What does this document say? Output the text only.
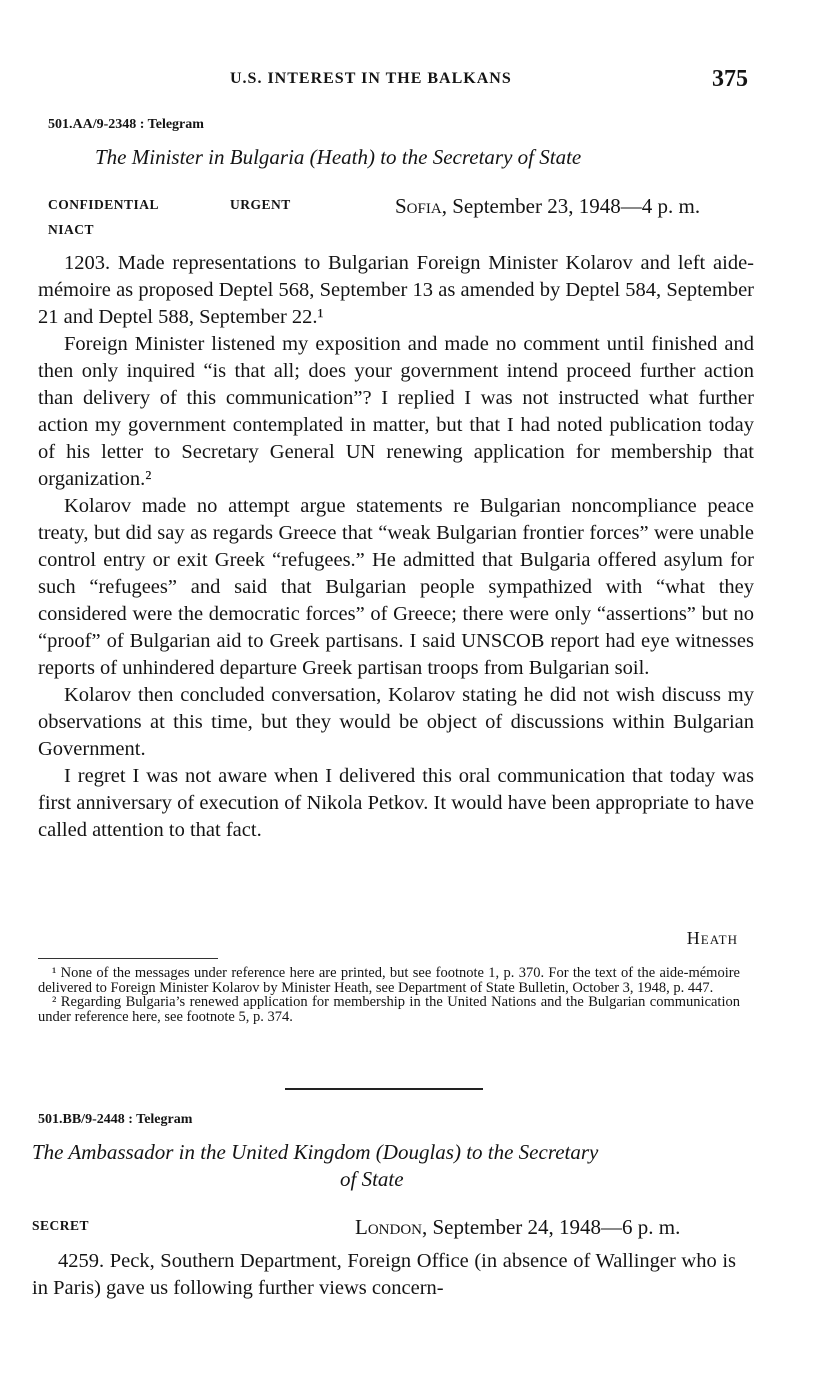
U.S. INTEREST IN THE BALKANS	375
501.AA/9-2348 : Telegram
The Minister in Bulgaria (Heath) to the Secretary of State
CONFIDENTIAL	URGENT
NIACT
Sofia, September 23, 1948—4 p. m.

1203. Made representations to Bulgarian Foreign Minister Kolarov and left aide-mémoire as proposed Deptel 568, September 13 as amended by Deptel 584, September 21 and Deptel 588, September 22.¹

Foreign Minister listened my exposition and made no comment until finished and then only inquired “is that all; does your government intend proceed further action than delivery of this communication”? I replied I was not instructed what further action my government contemplated in matter, but that I had noted publication today of his letter to Secretary General UN renewing application for membership that organization.²

Kolarov made no attempt argue statements re Bulgarian noncompliance peace treaty, but did say as regards Greece that “weak Bulgarian frontier forces” were unable control entry or exit Greek “refugees.” He admitted that Bulgaria offered asylum for such “refugees” and said that Bulgarian people sympathized with “what they considered were the democratic forces” of Greece; there were only “assertions” but no “proof” of Bulgarian aid to Greek partisans. I said UNSCOB report had eye witnesses reports of unhindered departure Greek partisan troops from Bulgarian soil.

Kolarov then concluded conversation, Kolarov stating he did not wish discuss my observations at this time, but they would be object of discussions within Bulgarian Government.

I regret I was not aware when I delivered this oral communication that today was first anniversary of execution of Nikola Petkov. It would have been appropriate to have called attention to that fact.

Heath

¹ None of the messages under reference here are printed, but see footnote 1, p. 370. For the text of the aide-mémoire delivered to Foreign Minister Kolarov by Minister Heath, see Department of State Bulletin, October 3, 1948, p. 447.

² Regarding Bulgaria’s renewed application for membership in the United Nations and the Bulgarian communication under reference here, see footnote 5, p. 374.

501.BB/9-2448 : Telegram
The Ambassador in the United Kingdom (Douglas) to the Secretary
of State
SECRET	London, September 24, 1948—6 p. m.

4259. Peck, Southern Department, Foreign Office (in absence of Wallinger who is in Paris) gave us following further views concern-
